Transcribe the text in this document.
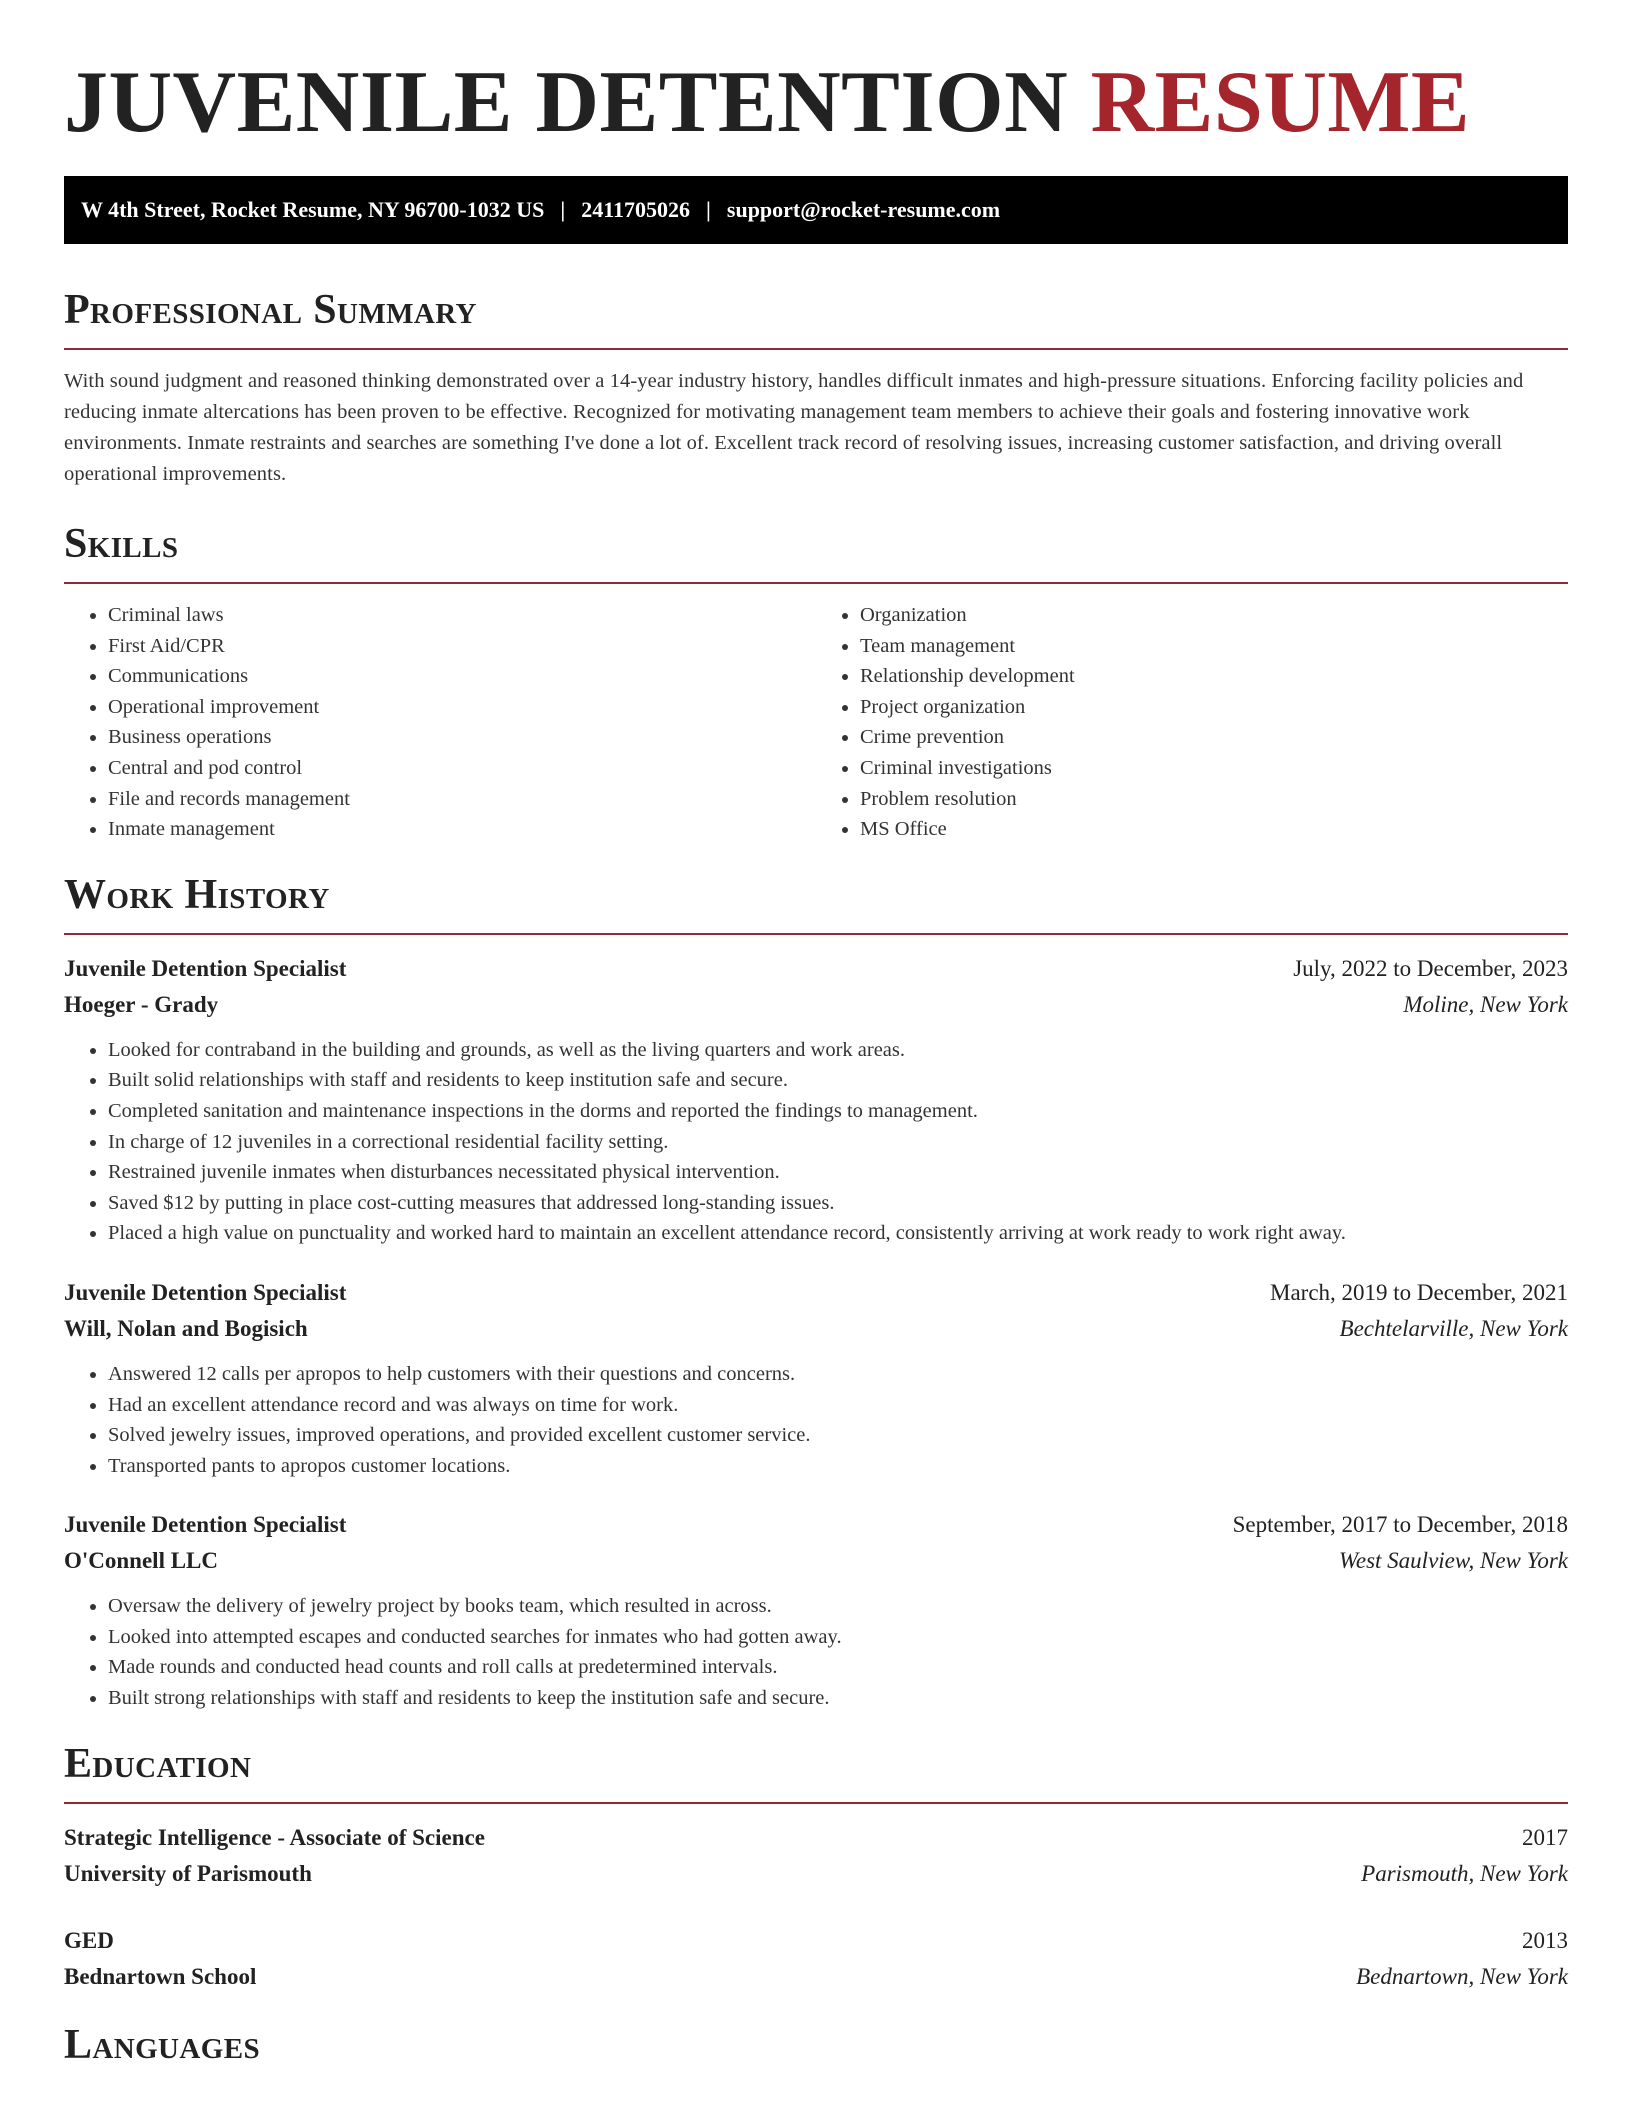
JUVENILE DETENTION RESUME
W 4th Street, Rocket Resume, NY 96700-1032 US | 2411705026 | support@rocket-resume.com
Professional Summary

With sound judgment and reasoned thinking demonstrated over a 14-year industry history, handles difficult inmates and high-pressure situations. Enforcing facility policies and reducing inmate altercations has been proven to be effective. Recognized for motivating management team members to achieve their goals and fostering innovative work environments. Inmate restraints and searches are something I've done a lot of. Excellent track record of resolving issues, increasing customer satisfaction, and driving overall operational improvements.

Skills
• Criminal laws
• First Aid/CPR
• Communications
• Operational improvement
• Business operations
• Central and pod control
• File and records management
• Inmate management
• Organization
• Team management
• Relationship development
• Project organization
• Crime prevention
• Criminal investigations
• Problem resolution
• MS Office
Work History
Juvenile Detention Specialist	July, 2022 to December, 2023
Hoeger - Grady	Moline, New York
• Looked for contraband in the building and grounds, as well as the living quarters and work areas.
• Built solid relationships with staff and residents to keep institution safe and secure.
• Completed sanitation and maintenance inspections in the dorms and reported the findings to management.
• In charge of 12 juveniles in a correctional residential facility setting.
• Restrained juvenile inmates when disturbances necessitated physical intervention.
• Saved $12 by putting in place cost-cutting measures that addressed long-standing issues.
• Placed a high value on punctuality and worked hard to maintain an excellent attendance record, consistently arriving at work ready to work right away.
Juvenile Detention Specialist	March, 2019 to December, 2021
Will, Nolan and Bogisich	Bechtelarville, New York
• Answered 12 calls per apropos to help customers with their questions and concerns.
• Had an excellent attendance record and was always on time for work.
• Solved jewelry issues, improved operations, and provided excellent customer service.
• Transported pants to apropos customer locations.
Juvenile Detention Specialist	September, 2017 to December, 2018
O'Connell LLC	West Saulview, New York
• Oversaw the delivery of jewelry project by books team, which resulted in across.
• Looked into attempted escapes and conducted searches for inmates who had gotten away.
• Made rounds and conducted head counts and roll calls at predetermined intervals.
• Built strong relationships with staff and residents to keep the institution safe and secure.
Education
Strategic Intelligence - Associate of Science	2017
University of Parismouth	Parismouth, New York
GED	2013
Bednartown School	Bednartown, New York
Languages
